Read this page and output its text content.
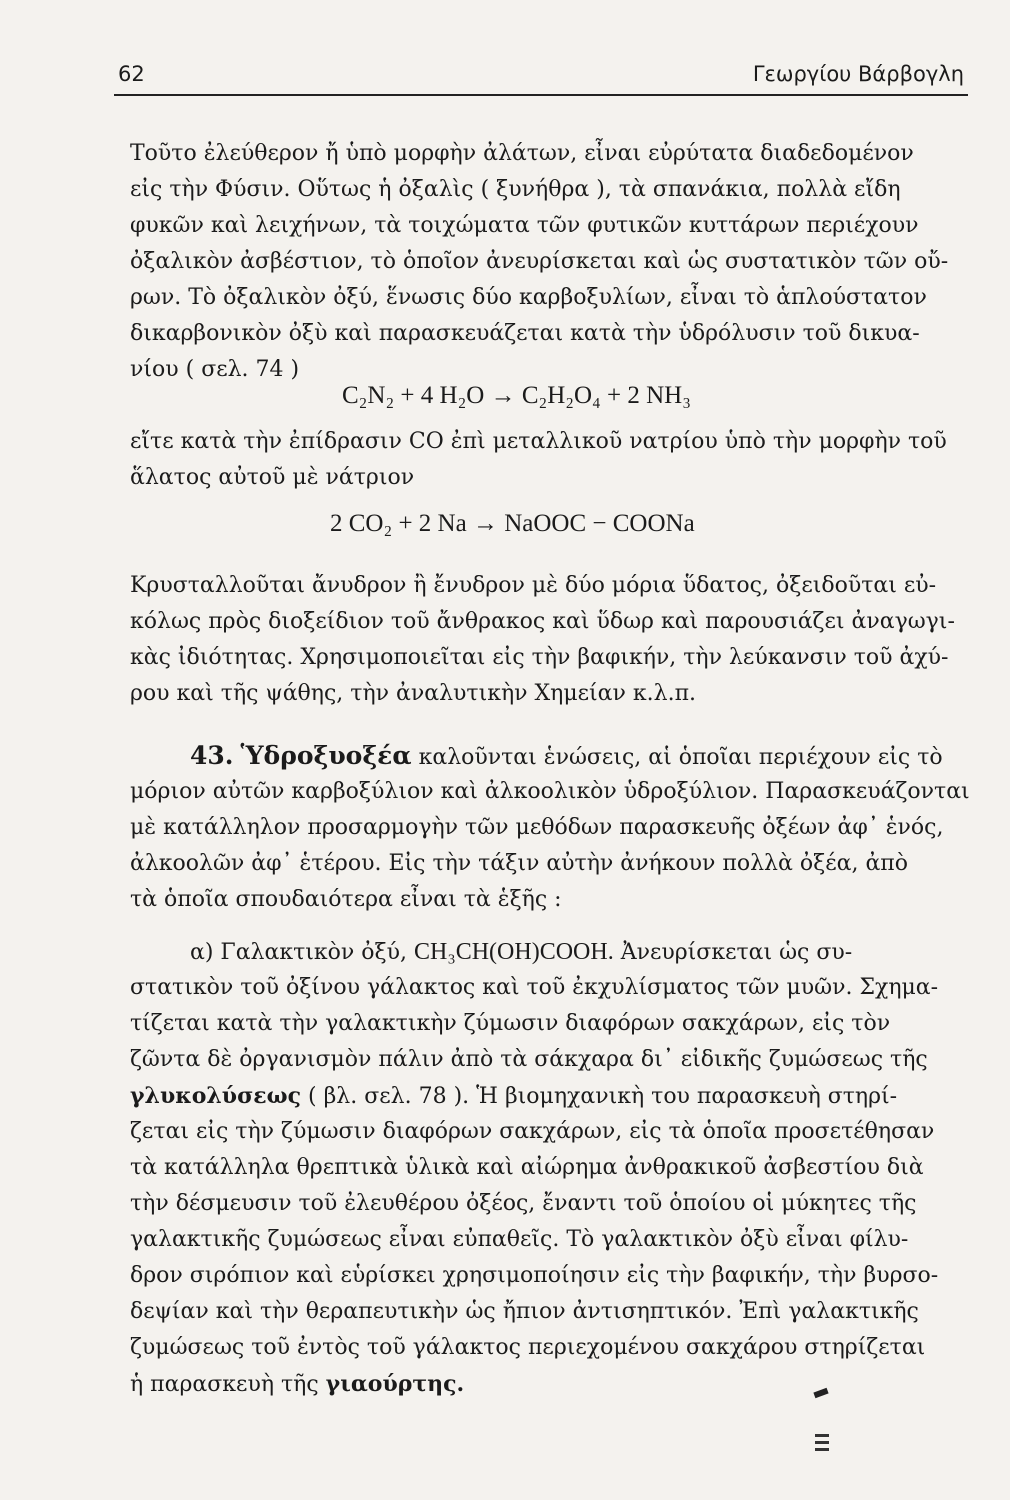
62	Γεωργίου Βάρβογλη
Τοῦτο ἐλεύθερον ἤ ὑπὸ μορφὴν ἀλάτων, εἶναι εὐρύτατα διαδεδομένον
εἰς τὴν Φύσιν. Οὕτως ἡ ὀξαλὶς ( ξυνήθρα ), τὰ σπανάκια, πολλὰ εἴδη
φυκῶν καὶ λειχήνων, τὰ τοιχώματα τῶν φυτικῶν κυττάρων περιέχουν
ὀξαλικὸν ἀσβέστιον, τὸ ὁποῖον ἀνευρίσκεται καὶ ὡς συστατικὸν τῶν οὔ-
ρων. Τὸ ὀξαλικὸν ὀξύ, ἕνωσις δύο καρβοξυλίων, εἶναι τὸ ἁπλούστατον
δικαρβονικὸν ὀξὺ καὶ παρασκευάζεται κατὰ τὴν ὑδρόλυσιν τοῦ δικυα-
νίου ( σελ. 74 )
C₂N₂ + 4 H₂O → C₂H₂O₄ + 2 NH₃
εἴτε κατὰ τὴν ἐπίδρασιν CO ἐπὶ μεταλλικοῦ νατρίου ὑπὸ τὴν μορφὴν τοῦ
ἅλατος αὐτοῦ μὲ νάτριον
2 CO₂ + 2 Na → NaOOC − COONa
Κρυσταλλοῦται ἄνυδρον ἢ ἔνυδρον μὲ δύο μόρια ὕδατος, ὀξειδοῦται εὐ-
κόλως πρὸς διοξείδιον τοῦ ἄνθρακος καὶ ὕδωρ καὶ παρουσιάζει ἀναγωγι-
κὰς ἰδιότητας. Χρησιμοποιεῖται εἰς τὴν βαφικήν, τὴν λεύκανσιν τοῦ ἀχύ-
ρου καὶ τῆς ψάθης, τὴν ἀναλυτικὴν Χημείαν κ.λ.π.
43. Ὑδροξυοξέα καλοῦνται ἑνώσεις, αἱ ὁποῖαι περιέχουν εἰς τὸ
μόριον αὐτῶν καρβοξύλιον καὶ ἀλκοολικὸν ὑδροξύλιον. Παρασκευάζονται
μὲ κατάλληλον προσαρμογὴν τῶν μεθόδων παρασκευῆς ὀξέων ἀφ᾽ ἑνός,
ἀλκοολῶν ἀφ᾽ ἑτέρου. Εἰς τὴν τάξιν αὐτὴν ἀνήκουν πολλὰ ὀξέα, ἀπὸ
τὰ ὁποῖα σπουδαιότερα εἶναι τὰ ἑξῆς :
α) Γαλακτικὸν ὀξύ, CH₃CH(OH)COOH. Ἀνευρίσκεται ὡς συ-
στατικὸν τοῦ ὀξίνου γάλακτος καὶ τοῦ ἐκχυλίσματος τῶν μυῶν. Σχημα-
τίζεται κατὰ τὴν γαλακτικὴν ζύμωσιν διαφόρων σακχάρων, εἰς τὸν
ζῶντα δὲ ὀργανισμὸν πάλιν ἀπὸ τὰ σάκχαρα δι᾽ εἰδικῆς ζυμώσεως τῆς
γλυκολύσεως ( βλ. σελ. 78 ). Ἡ βιομηχανικὴ του παρασκευὴ στηρί-
ζεται εἰς τὴν ζύμωσιν διαφόρων σακχάρων, εἰς τὰ ὁποῖα προσετέθησαν
τὰ κατάλληλα θρεπτικὰ ὑλικὰ καὶ αἰώρημα ἀνθρακικοῦ ἀσβεστίου διὰ
τὴν δέσμευσιν τοῦ ἐλευθέρου ὀξέος, ἔναντι τοῦ ὁποίου οἱ μύκητες τῆς
γαλακτικῆς ζυμώσεως εἶναι εὐπαθεῖς. Τὸ γαλακτικὸν ὀξὺ εἶναι φίλυ-
δρον σιρόπιον καὶ εὑρίσκει χρησιμοποίησιν εἰς τὴν βαφικήν, τὴν βυρσο-
δεψίαν καὶ τὴν θεραπευτικὴν ὡς ἤπιον ἀντισηπτικόν. Ἐπὶ γαλακτικῆς
ζυμώσεως τοῦ ἐντὸς τοῦ γάλακτος περιεχομένου σακχάρου στηρίζεται
ἡ παρασκευὴ τῆς γιαούρτης.
